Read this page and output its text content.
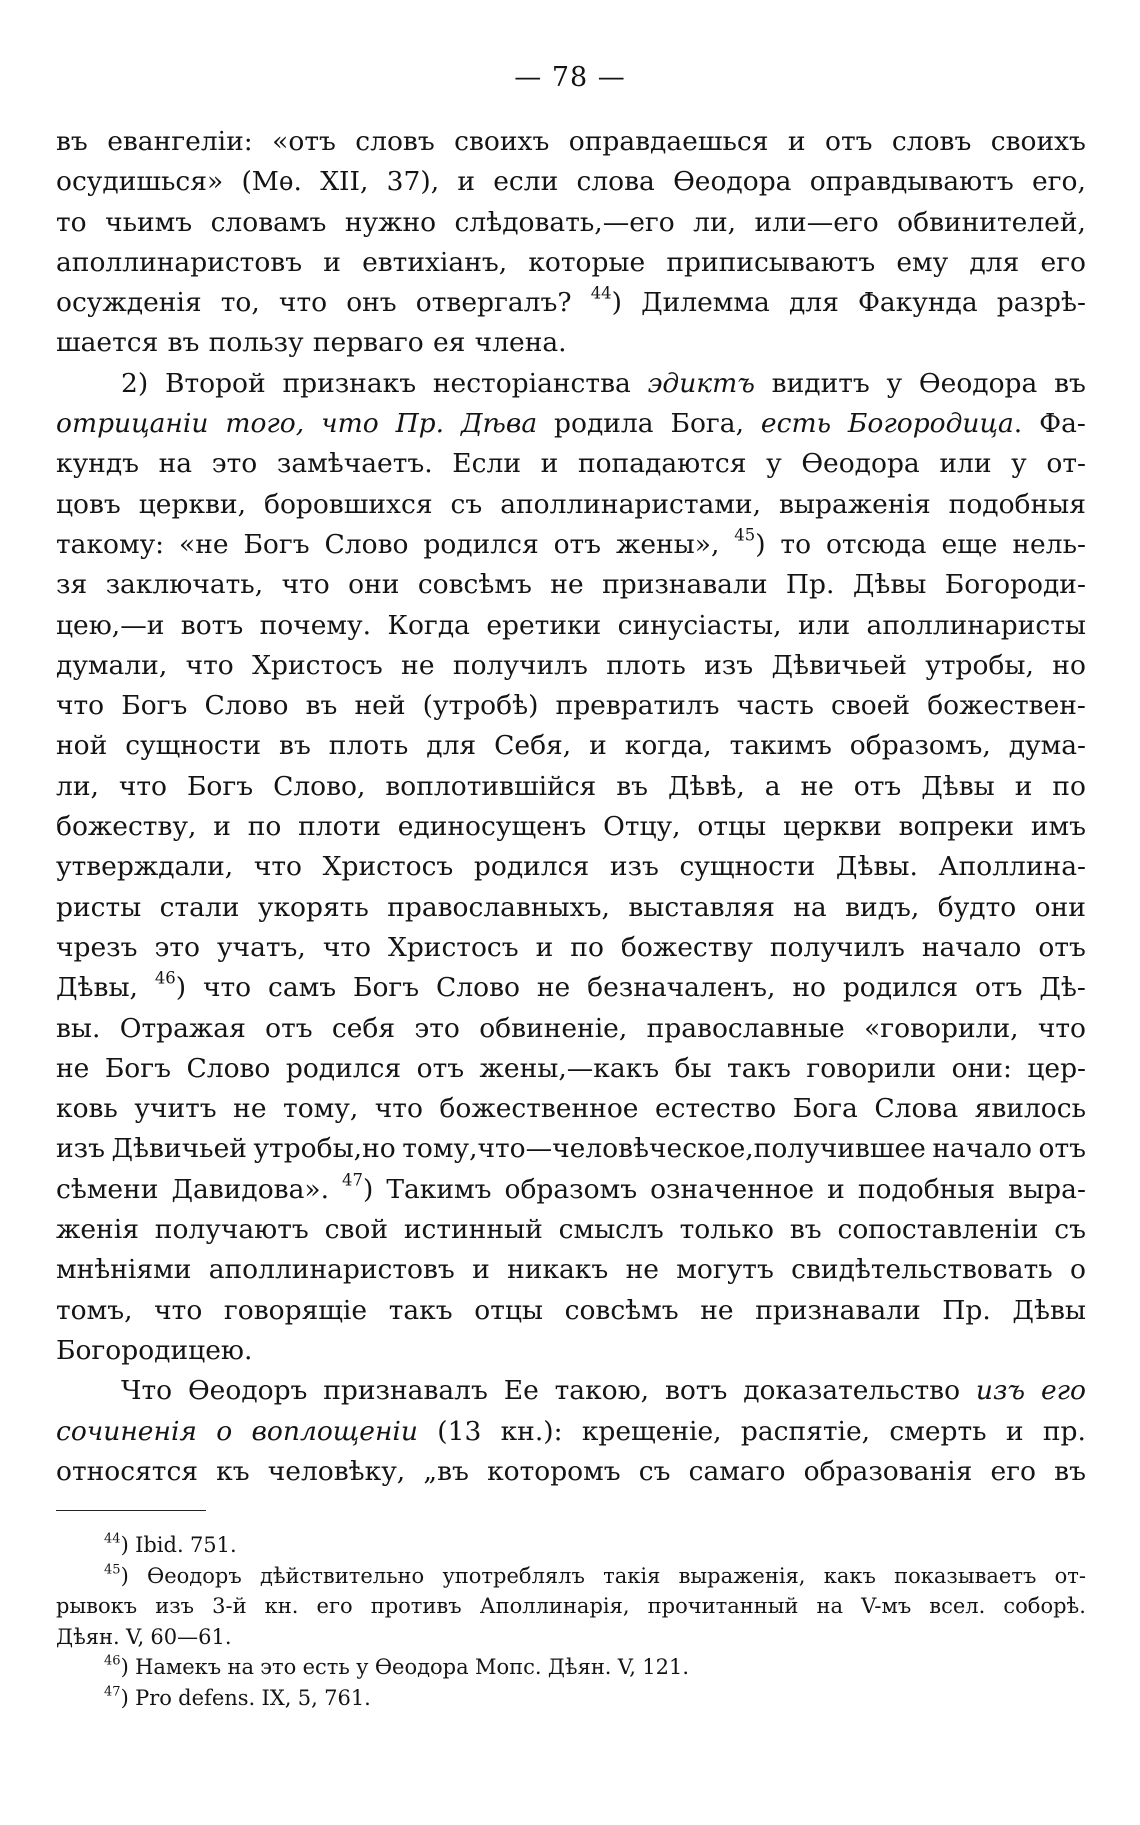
— 78 —
въ евангеліи: «отъ словъ своихъ оправдаешься и отъ словъ своихъ
осудишься» (Мѳ. XII, 37), и если слова Ѳеодора оправдываютъ его,
то чьимъ словамъ нужно слѣдовать,—его ли, или—его обвинителей,
аполлинаристовъ и евтихіанъ, которые приписываютъ ему для его
осужденія то, что онъ отвергалъ? $^{44}$) Дилемма для Факунда разрѣ-
шается въ пользу перваго ея члена.
2) Второй признакъ несторіанства эдиктъ видитъ у Ѳеодора въ
отрицаніи того, что Пр. Дѣва родила Бога, есть Богородица. Фа-
кундъ на это замѣчаетъ. Если и попадаются у Ѳеодора или у от-
цовъ церкви, боровшихся съ аполлинаристами, выраженія подобныя
такому: «не Богъ Слово родился отъ жены», $^{45}$) то отсюда еще нель-
зя заключать, что они совсѣмъ не признавали Пр. Дѣвы Богороди-
цею,—и вотъ почему. Когда еретики синусіасты, или аполлинаристы
думали, что Христосъ не получилъ плоть изъ Дѣвичьей утробы, но
что Богъ Слово въ ней (утробѣ) превратилъ часть своей божествен-
ной сущности въ плоть для Себя, и когда, такимъ образомъ, дума-
ли, что Богъ Слово, воплотившійся въ Дѣвѣ, а не отъ Дѣвы и по
божеству, и по плоти единосущенъ Отцу, отцы церкви вопреки имъ
утверждали, что Христосъ родился изъ сущности Дѣвы. Аполлина-
ристы стали укорять православныхъ, выставляя на видъ, будто они
чрезъ это учатъ, что Христосъ и по божеству получилъ начало отъ
Дѣвы, $^{46}$) что самъ Богъ Слово не безначаленъ, но родился отъ Дѣ-
вы. Отражая отъ себя это обвиненіе, православные «говорили, что
не Богъ Слово родился отъ жены,—какъ бы такъ говорили они: цер-
ковь учитъ не тому, что божественное естество Бога Слова явилось
изъ Дѣвичьей утробы,но тому,что—человѣческое,получившее начало отъ
сѣмени Давидова». $^{47}$) Такимъ образомъ означенное и подобныя выра-
женія получаютъ свой истинный смыслъ только въ сопоставленіи съ
мнѣніями аполлинаристовъ и никакъ не могутъ свидѣтельствовать о
томъ, что говорящіе такъ отцы совсѣмъ не признавали Пр. Дѣвы
Богородицею.
Что Ѳеодоръ признавалъ Ее такою, вотъ доказательство изъ его
сочиненія о воплощеніи (13 кн.): крещеніе, распятіе, смерть и пр.
относятся къ человѣку, „въ которомъ съ самаго образованія его въ
$^{44}$) Ibid. 751.
$^{45}$) Ѳеодоръ дѣйствительно употреблялъ такія выраженія, какъ показываетъ от-
рывокъ изъ 3-й кн. его противъ Аполлинарія, прочитанный на V-мъ всел. соборѣ.
Дѣян. V, 60—61.
$^{46}$) Намекъ на это есть у Ѳеодора Мопс. Дѣян. V, 121.
$^{47}$) Pro defens. IX, 5, 761.
